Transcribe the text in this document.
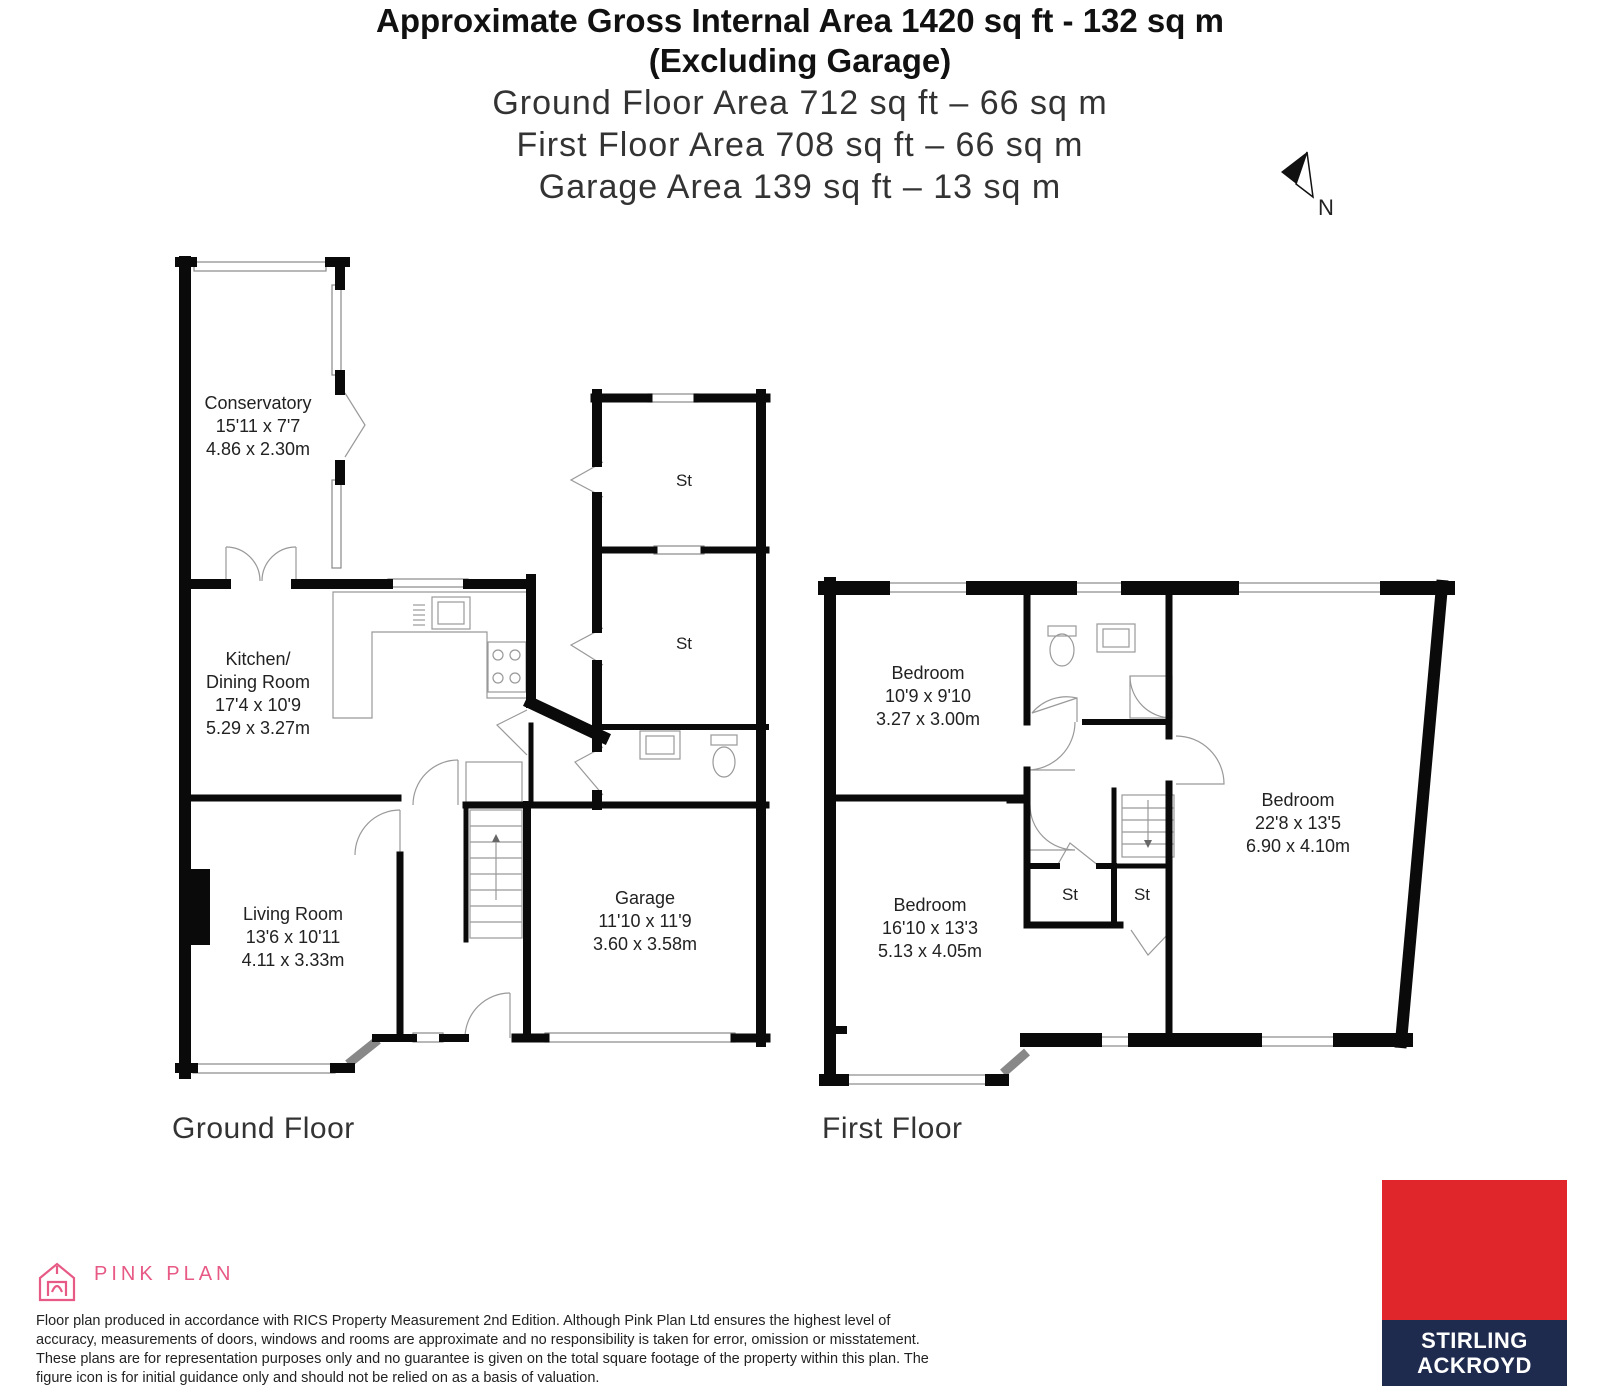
Approximate Gross Internal Area 1420 sq ft - 132 sq m
(Excluding Garage)
Ground Floor Area 712 sq ft – 66 sq m
First Floor Area 708 sq ft – 66 sq m
Garage Area 139 sq ft – 13 sq m
N
Conservatory
15'11 x 7'7
4.86 x 2.30m
Kitchen/
Dining Room
17'4 x 10'9
5.29 x 3.27m
Living Room
13'6 x 10'11
4.11 x 3.33m
Garage
11'10 x 11'9
3.60 x 3.58m
St
St
Bedroom
10'9 x 9'10
3.27 x 3.00m
Bedroom
16'10 x 13'3
5.13 x 4.05m
Bedroom
22'8 x 13'5
6.90 x 4.10m
St	St
Ground Floor	First Floor
PINK PLAN
Floor plan produced in accordance with RICS Property Measurement 2nd Edition. Although Pink Plan Ltd ensures the highest level of accuracy, measurements of doors, windows and rooms are approximate and no responsibility is taken for error, omission or misstatement. These plans are for representation purposes only and no guarantee is given on the total square footage of the property within this plan. The figure icon is for initial guidance only and should not be relied on as a basis of valuation.
STIRLING
ACKROYD
